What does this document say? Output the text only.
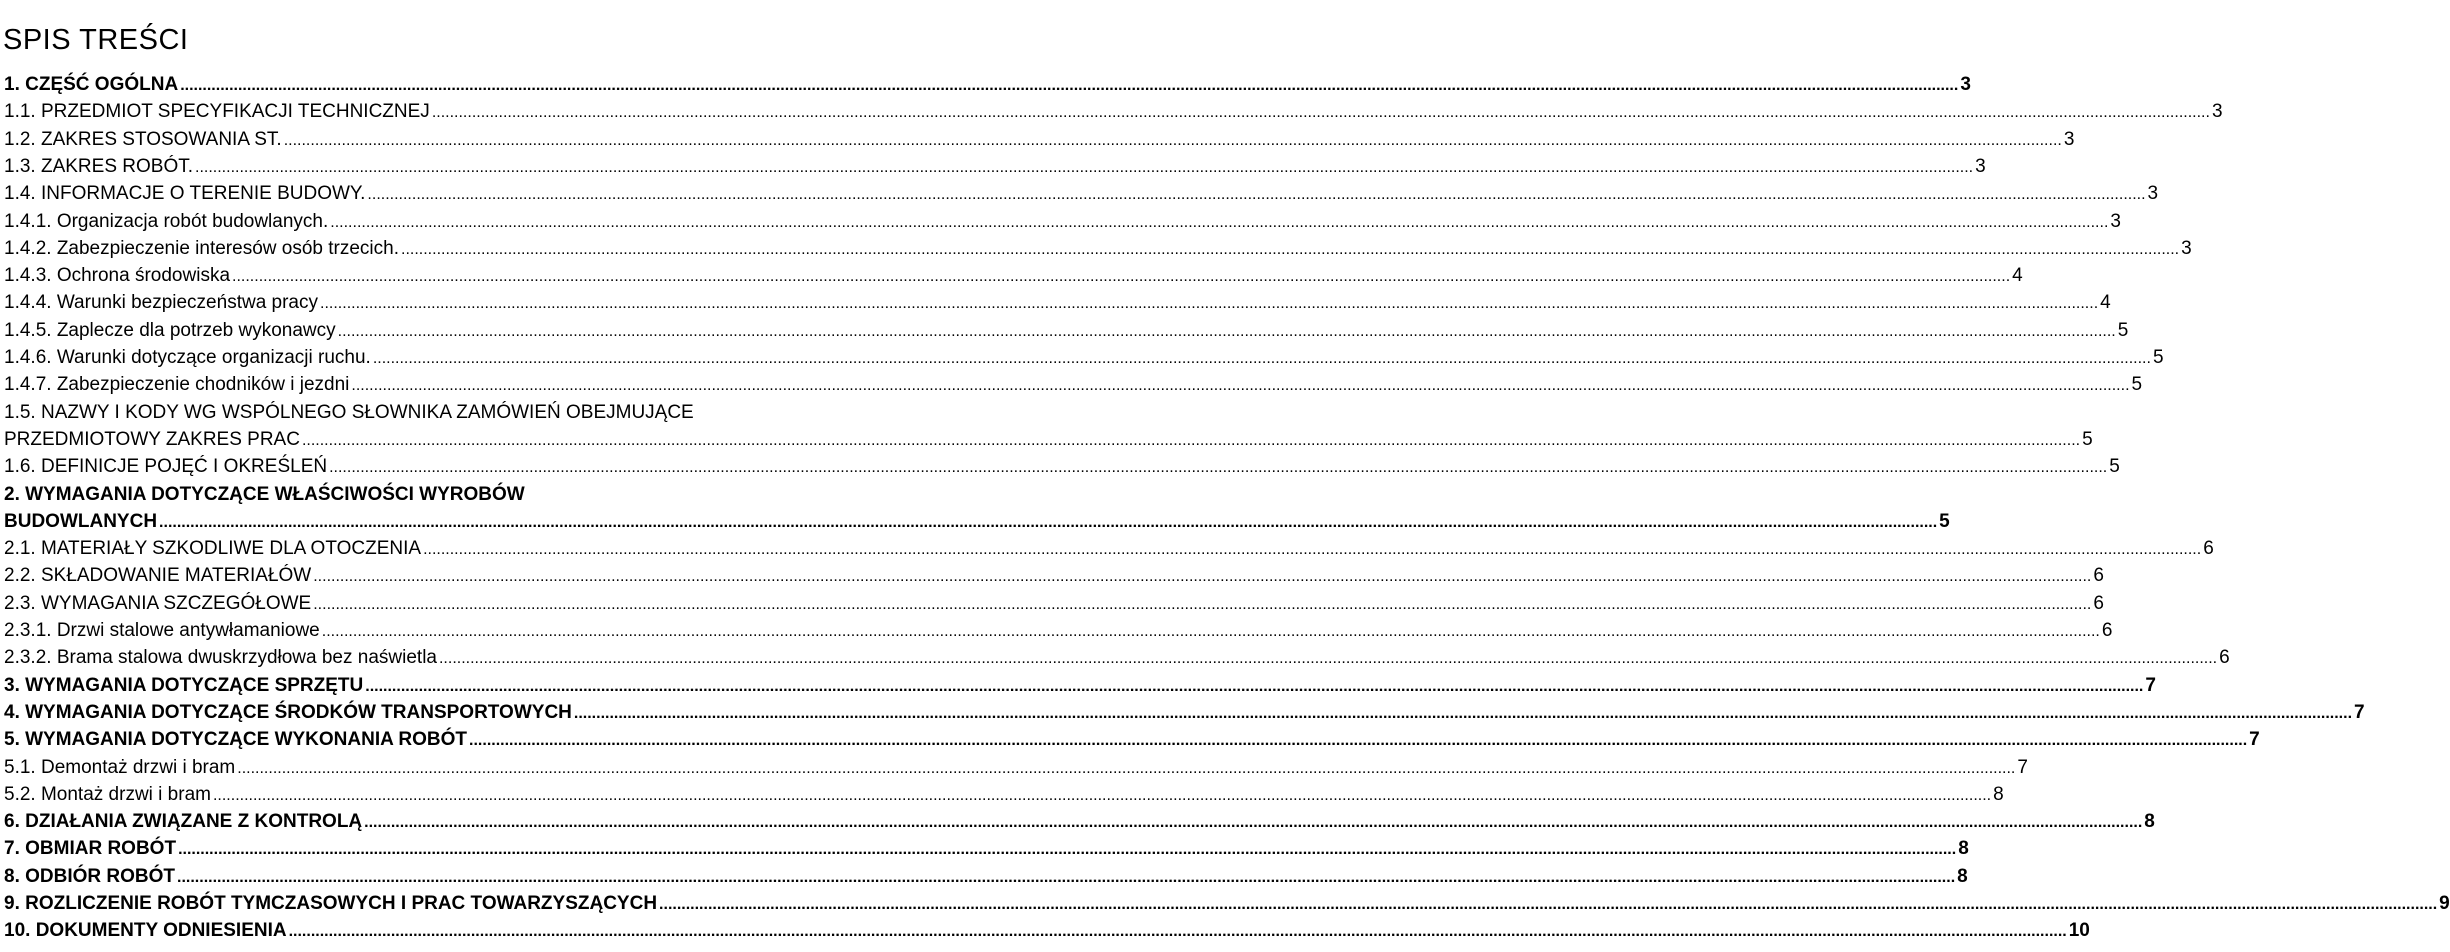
SPIS TREŚCI
1. CZĘŚĆ OGÓLNA ................................................................................................................................................................................................................................................................................................................................................................................................................ 3
1.1. PRZEDMIOT SPECYFIKACJI TECHNICZNEJ ................................................................................................................................................................................................................................................................................................................................................................................................................ 3
1.2. ZAKRES STOSOWANIA ST. ................................................................................................................................................................................................................................................................................................................................................................................................................ 3
1.3. ZAKRES ROBÓT. ................................................................................................................................................................................................................................................................................................................................................................................................................ 3
1.4. INFORMACJE O TERENIE BUDOWY. ................................................................................................................................................................................................................................................................................................................................................................................................................ 3
1.4.1. Organizacja robót budowlanych. ................................................................................................................................................................................................................................................................................................................................................................................................................ 3
1.4.2. Zabezpieczenie interesów osób trzecich. ................................................................................................................................................................................................................................................................................................................................................................................................................ 3
1.4.3. Ochrona środowiska ................................................................................................................................................................................................................................................................................................................................................................................................................ 4
1.4.4. Warunki bezpieczeństwa pracy ................................................................................................................................................................................................................................................................................................................................................................................................................ 4
1.4.5. Zaplecze dla potrzeb wykonawcy ................................................................................................................................................................................................................................................................................................................................................................................................................ 5
1.4.6. Warunki dotyczące organizacji ruchu. ................................................................................................................................................................................................................................................................................................................................................................................................................ 5
1.4.7. Zabezpieczenie chodników i jezdni ................................................................................................................................................................................................................................................................................................................................................................................................................ 5
1.5. NAZWY I KODY WG WSPÓLNEGO SŁOWNIKA ZAMÓWIEŃ OBEJMUJĄCE
PRZEDMIOTOWY ZAKRES PRAC ................................................................................................................................................................................................................................................................................................................................................................................................................ 5
1.6. DEFINICJE POJĘĆ I OKREŚLEŃ ................................................................................................................................................................................................................................................................................................................................................................................................................ 5
2. WYMAGANIA DOTYCZĄCE WŁAŚCIWOŚCI WYROBÓW
BUDOWLANYCH ................................................................................................................................................................................................................................................................................................................................................................................................................ 5
2.1. MATERIAŁY SZKODLIWE DLA OTOCZENIA ................................................................................................................................................................................................................................................................................................................................................................................................................ 6
2.2. SKŁADOWANIE MATERIAŁÓW ................................................................................................................................................................................................................................................................................................................................................................................................................ 6
2.3. WYMAGANIA SZCZEGÓŁOWE ................................................................................................................................................................................................................................................................................................................................................................................................................ 6
2.3.1. Drzwi stalowe antywłamaniowe ................................................................................................................................................................................................................................................................................................................................................................................................................ 6
2.3.2. Brama stalowa dwuskrzydłowa bez naświetla ................................................................................................................................................................................................................................................................................................................................................................................................................ 6
3. WYMAGANIA DOTYCZĄCE SPRZĘTU ................................................................................................................................................................................................................................................................................................................................................................................................................ 7
4. WYMAGANIA DOTYCZĄCE ŚRODKÓW TRANSPORTOWYCH ................................................................................................................................................................................................................................................................................................................................................................................................................ 7
5. WYMAGANIA DOTYCZĄCE WYKONANIA ROBÓT ................................................................................................................................................................................................................................................................................................................................................................................................................ 7
5.1. Demontaż drzwi i bram ................................................................................................................................................................................................................................................................................................................................................................................................................ 7
5.2. Montaż drzwi i bram ................................................................................................................................................................................................................................................................................................................................................................................................................ 8
6. DZIAŁANIA ZWIĄZANE Z KONTROLĄ ................................................................................................................................................................................................................................................................................................................................................................................................................ 8
7. OBMIAR ROBÓT ................................................................................................................................................................................................................................................................................................................................................................................................................ 8
8. ODBIÓR ROBÓT ................................................................................................................................................................................................................................................................................................................................................................................................................ 8
9. ROZLICZENIE ROBÓT TYMCZASOWYCH I PRAC TOWARZYSZĄCYCH ................................................................................................................................................................................................................................................................................................................................................................................................................ 9
10. DOKUMENTY ODNIESIENIA ................................................................................................................................................................................................................................................................................................................................................................................................................ 10
